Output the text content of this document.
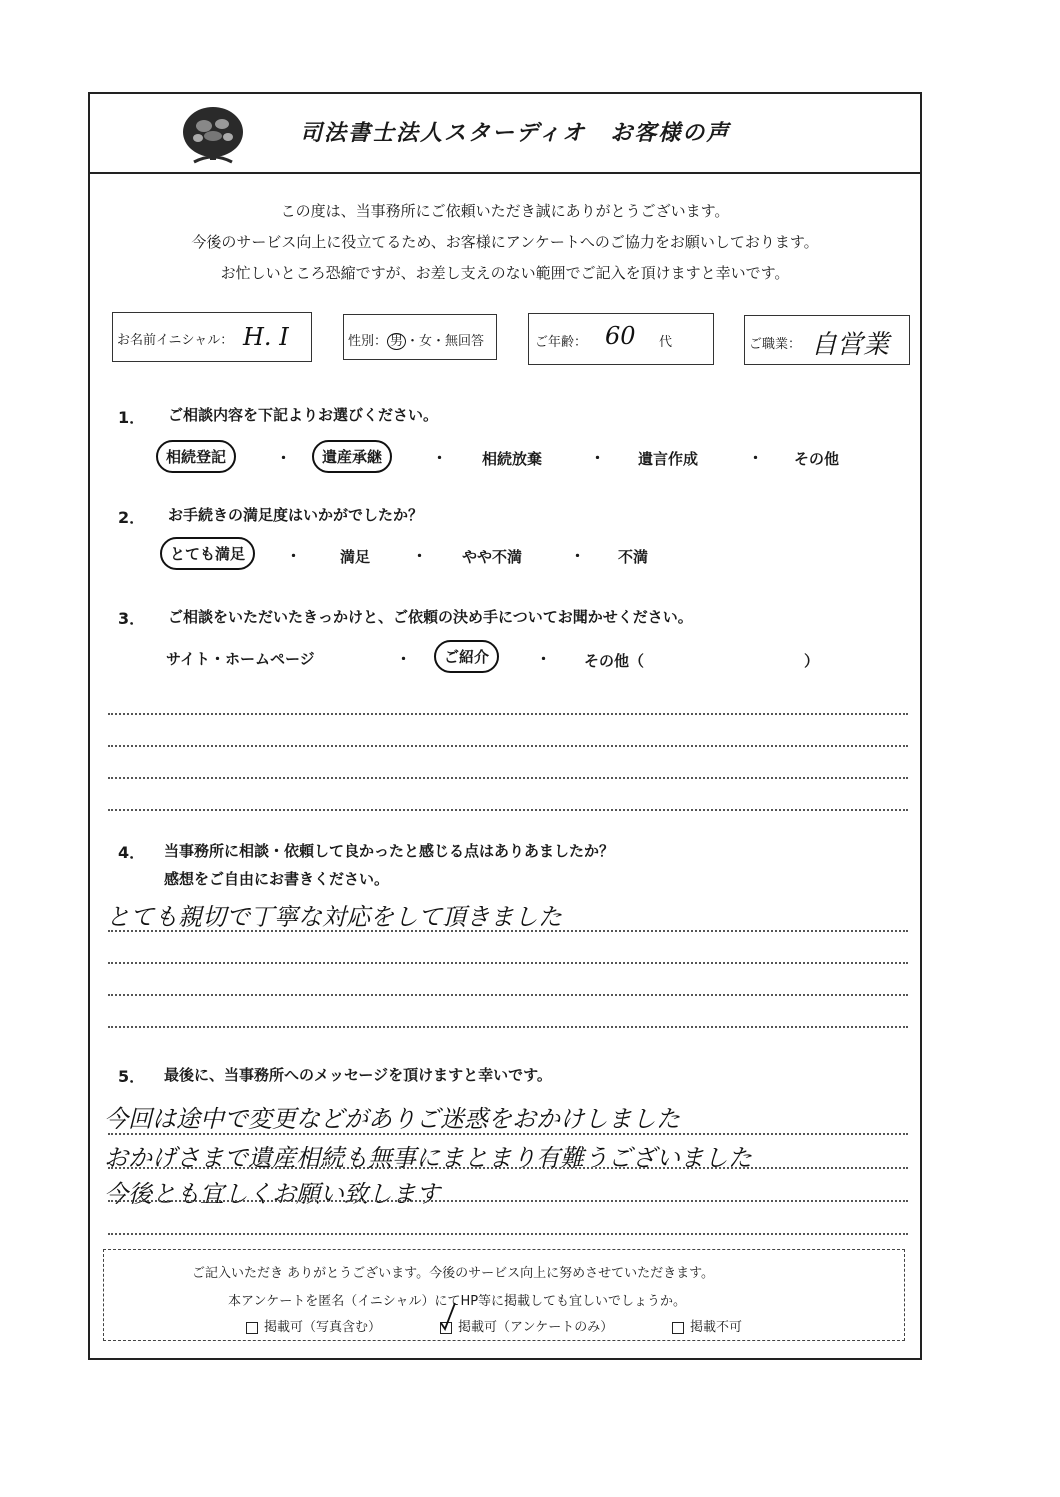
司法書士法人スターディオ　お客様の声
この度は、当事務所にご依頼いただき誠にありがとうございます。
今後のサービス向上に役立てるため、お客様にアンケートへのご協力をお願いしております。
お忙しいところ恐縮ですが、お差し支えのない範囲でご記入を頂けますと幸いです。
お名前イニシャル： H. I	性別： 男 ・女・無回答	ご年齢： 60 代	ご職業： 自営業
1． ご相談内容を下記よりお選びください。
相続登記	・	遺産承継	・ 相続放棄	・ 遺言作成	・ その他
2． お手続きの満足度はいかがでしたか？
とても満足	・	満足	・ やや不満	・ 不満
3． ご相談をいただいたきっかけと、ご依頼の決め手についてお聞かせください。
サイト・ホームページ	・	ご紹介	・ その他（	）
4． 当事務所に相談・依頼して良かったと感じる点はありあましたか？
感想をご自由にお書きください。
とても親切で丁寧な対応をして頂きました
5． 最後に、当事務所へのメッセージを頂けますと幸いです。
今回は途中で変更などがありご迷惑をおかけしました
おかげさまで遺産相続も無事にまとまり有難うございました
今後とも宜しくお願い致します
ご記入いただき ありがとうございます。今後のサービス向上に努めさせていただきます。
本アンケートを匿名（イニシャル）にてHP等に掲載しても宜しいでしょうか。
掲載可（写真含む）	掲載可（アンケートのみ）	掲載不可
